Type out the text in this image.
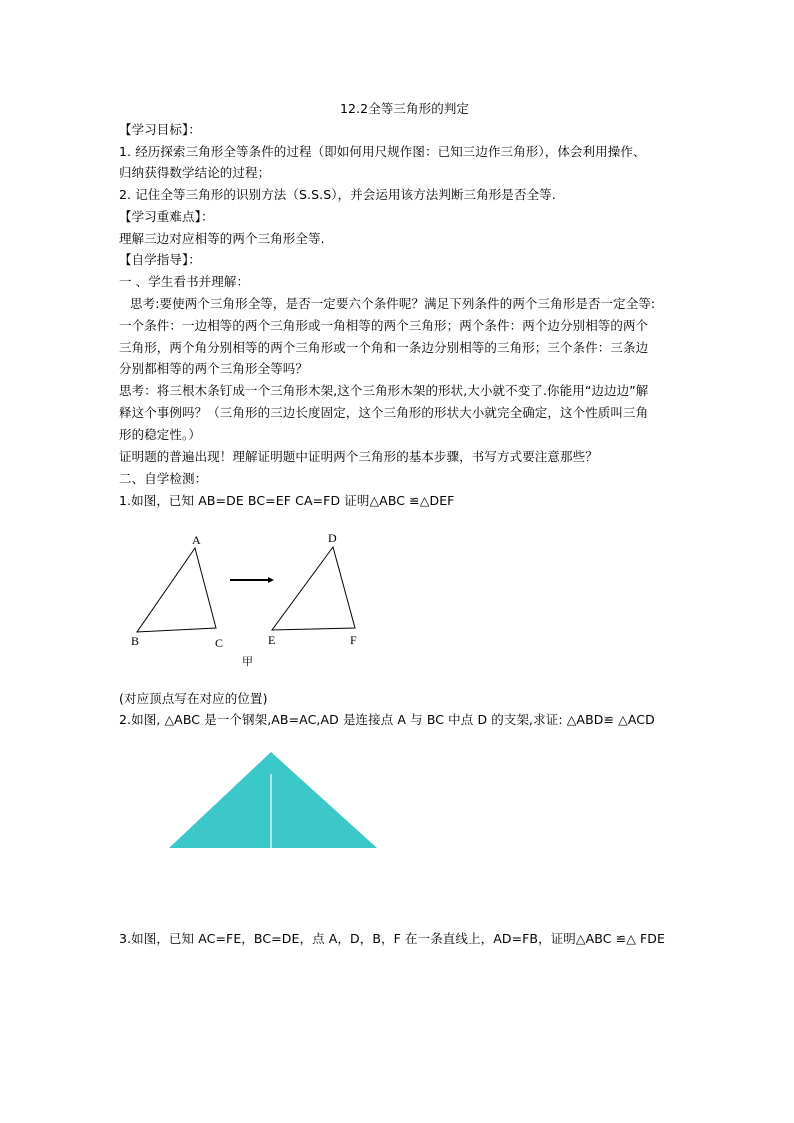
12.2全等三角形的判定
【学习目标】：
1. 经历探索三角形全等条件的过程（即如何用尺规作图：已知三边作三角形），体会利用操作、
归纳获得数学结论的过程；
2. 记住全等三角形的识别方法（S.S.S），并会运用该方法判断三角形是否全等.
【学习重难点】：
理解三边对应相等的两个三角形全等.
【自学指导】：
一 、学生看书并理解：
思考:要使两个三角形全等，是否一定要六个条件呢？满足下列条件的两个三角形是否一定全等:
一个条件：一边相等的两个三角形或一角相等的两个三角形；两个条件：两个边分别相等的两个
三角形，两个角分别相等的两个三角形或一个角和一条边分别相等的三角形；三个条件：三条边
分别都相等的两个三角形全等吗？
思考：将三根木条钉成一个三角形木架,这个三角形木架的形状,大小就不变了.你能用“边边边”解
释这个事例吗？（三角形的三边长度固定，这个三角形的形状大小就完全确定，这个性质叫三角
形的稳定性。）
证明题的普遍出现！理解证明题中证明两个三角形的基本步骤，书写方式要注意那些？
二、自学检测：
1.如图，已知 AB=DE BC=EF CA=FD 证明△ABC ≌△DEF
A
B	C
D
E	F
甲
(对应顶点写在对应的位置)
2.如图, △ABC 是一个钢架,AB=AC,AD 是连接点 A 与 BC 中点 D 的支架,求证: △ABD≌ △ACD
3.如图，已知 AC=FE，BC=DE，点 A，D，B，F 在一条直线上，AD=FB，证明△ABC ≌△ FDE
